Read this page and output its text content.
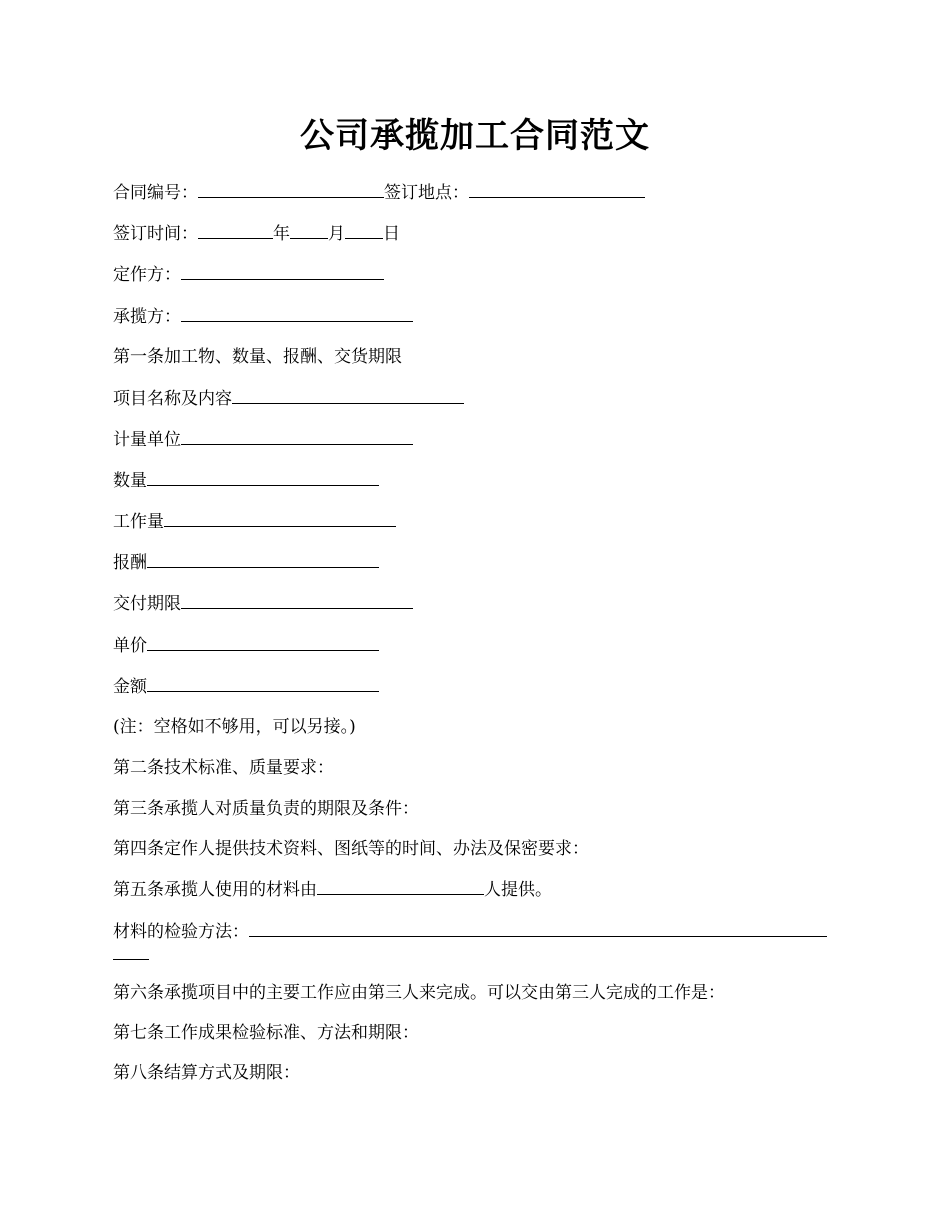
公司承揽加工合同范文
合同编号：	签订地点：
签订时间：	年 月 日
定作方：
承揽方：
第一条加工物、数量、报酬、交货期限
项目名称及内容
计量单位
数量
工作量
报酬
交付期限
单价
金额
(注：空格如不够用，可以另接。)
第二条技术标准、质量要求：
第三条承揽人对质量负责的期限及条件：
第四条定作人提供技术资料、图纸等的时间、办法及保密要求：
第五条承揽人使用的材料由	人提供。
材料的检验方法：
第六条承揽项目中的主要工作应由第三人来完成。可以交由第三人完成的工作是：
第七条工作成果检验标准、方法和期限：
第八条结算方式及期限：
